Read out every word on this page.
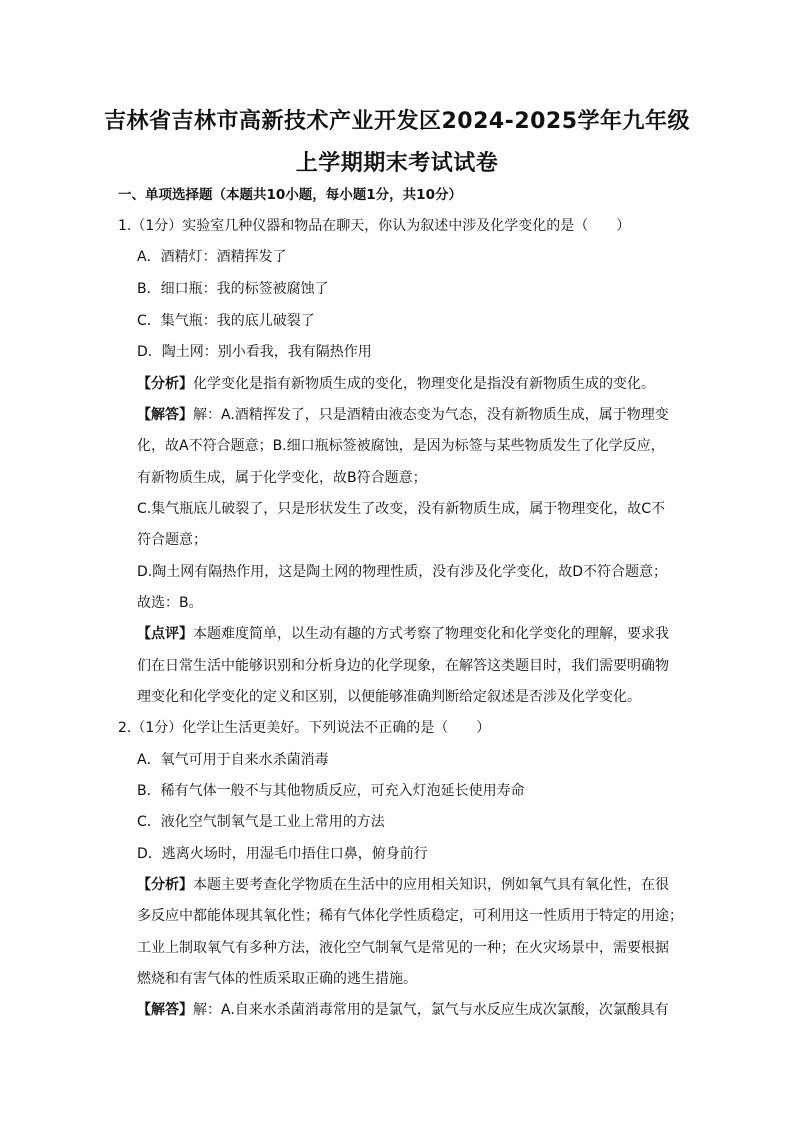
吉林省吉林市高新技术产业开发区2024-2025学年九年级
上学期期末考试试卷
一、单项选择题（本题共10小题，每小题1分，共10分）
1.（1分）实验室几种仪器和物品在聊天，你认为叙述中涉及化学变化的是（　　）
A．酒精灯：酒精挥发了
B．细口瓶：我的标签被腐蚀了
C．集气瓶：我的底儿破裂了
D．陶土网：别小看我，我有隔热作用
【分析】化学变化是指有新物质生成的变化，物理变化是指没有新物质生成的变化。
【解答】解：A.酒精挥发了，只是酒精由液态变为气态，没有新物质生成，属于物理变
化，故A不符合题意；B.细口瓶标签被腐蚀，是因为标签与某些物质发生了化学反应，
有新物质生成，属于化学变化，故B符合题意；
C.集气瓶底儿破裂了，只是形状发生了改变，没有新物质生成，属于物理变化，故C不
符合题意；
D.陶土网有隔热作用，这是陶土网的物理性质，没有涉及化学变化，故D不符合题意；
故选：B。
【点评】本题难度简单，以生动有趣的方式考察了物理变化和化学变化的理解，要求我
们在日常生活中能够识别和分析身边的化学现象，在解答这类题目时，我们需要明确物
理变化和化学变化的定义和区别，以便能够准确判断给定叙述是否涉及化学变化。
2.（1分）化学让生活更美好。下列说法不正确的是（　　）
A．氧气可用于自来水杀菌消毒
B．稀有气体一般不与其他物质反应，可充入灯泡延长使用寿命
C．液化空气制氧气是工业上常用的方法
D．逃离火场时，用湿毛巾捂住口鼻，俯身前行
【分析】本题主要考查化学物质在生活中的应用相关知识，例如氧气具有氧化性，在很
多反应中都能体现其氧化性；稀有气体化学性质稳定，可利用这一性质用于特定的用途；
工业上制取氧气有多种方法，液化空气制氧气是常见的一种；在火灾场景中，需要根据
燃烧和有害气体的性质采取正确的逃生措施。
【解答】解：A.自来水杀菌消毒常用的是氯气，氯气与水反应生成次氯酸，次氯酸具有
